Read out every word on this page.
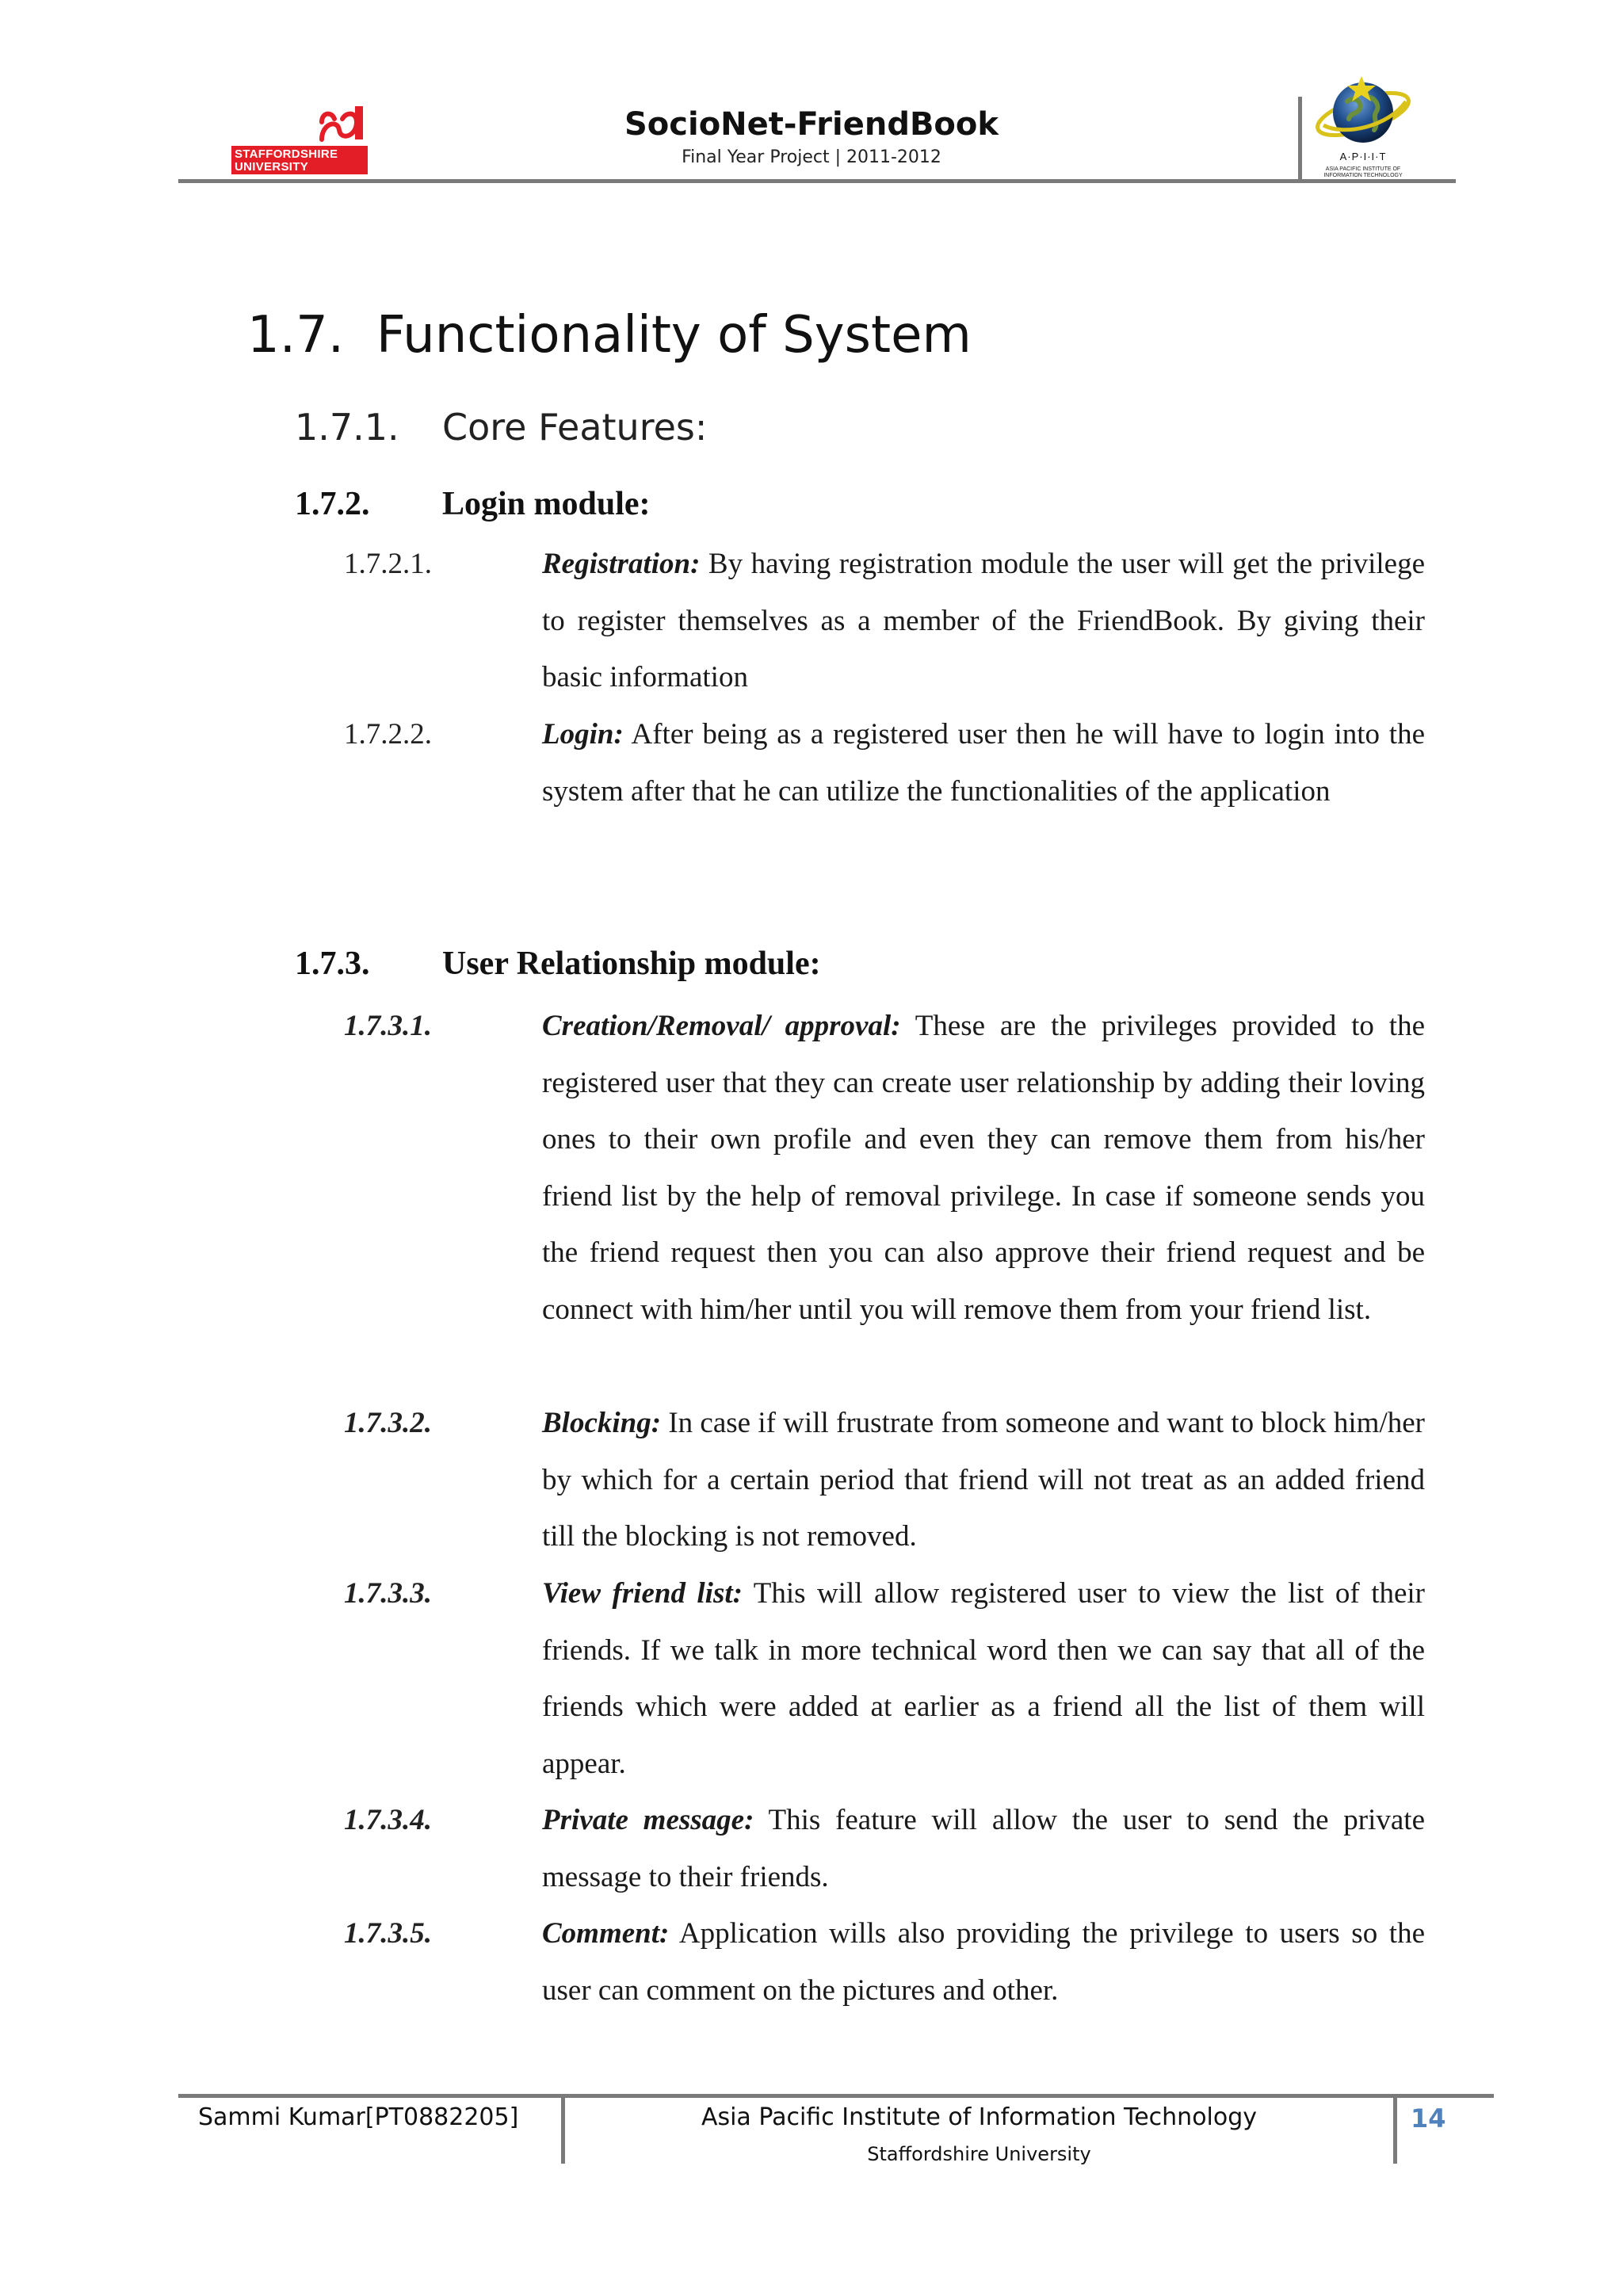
STAFFORDSHIRE
UNIVERSITY
SocioNet-FriendBook
Final Year Project | 2011-2012	A·P·I·I·T
ASIA PACIFIC INSTITUTE OF
INFORMATION TECHNOLOGY
1.7. Functionality of System
1.7.1. Core Features:
1.7.2. Login module:
1.7.2.1.	Registration: By having registration module the user will get the privilege to register themselves as a member of the FriendBook. By giving their basic information
1.7.2.2.	Login: After being as a registered user then he will have to login into the system after that he can utilize the functionalities of the application
1.7.3. User Relationship module:
1.7.3.1.	Creation/Removal/ approval: These are the privileges provided to the registered user that they can create user relationship by adding their loving ones to their own profile and even they can remove them from his/her friend list by the help of removal privilege. In case if someone sends you the friend request then you can also approve their friend request and be connect with him/her until you will remove them from your friend list.
1.7.3.2.	Blocking: In case if will frustrate from someone and want to block him/her by which for a certain period that friend will not treat as an added friend till the blocking is not removed.
1.7.3.3.	View friend list: This will allow registered user to view the list of their friends. If we talk in more technical word then we can say that all of the friends which were added at earlier as a friend all the list of them will appear.
1.7.3.4.	Private message: This feature will allow the user to send the private message to their friends.
1.7.3.5.	Comment: Application wills also providing the privilege to users so the user can comment on the pictures and other.
Sammi Kumar[PT0882205]	Asia Pacific Institute of Information Technology
Staffordshire University
14
